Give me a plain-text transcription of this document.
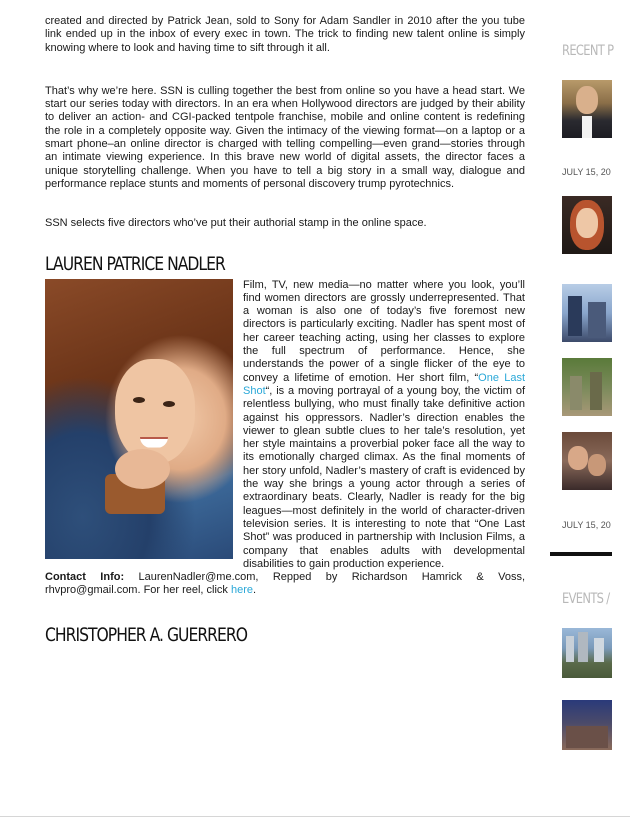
created and directed by Patrick Jean, sold to Sony for Adam Sandler in 2010 after the you tube link ended up in the inbox of every exec in town. The trick to finding new talent online is simply knowing where to look and having time to sift through it all.

That’s why we’re here. SSN is culling together the best from online so you have a head start. We start our series today with directors. In an era when Hollywood directors are judged by their ability to deliver an action- and CGI-packed tentpole franchise, mobile and online content is redefining the role in a completely opposite way. Given the intimacy of the viewing format—on a laptop or a smart phone–an online director is charged with telling compelling—even grand—stories through an intimate viewing experience. In this brave new world of digital assets, the director faces a unique storytelling challenge. When you have to tell a big story in a small way, dialogue and performance replace stunts and moments of personal discovery trump pyrotechnics.

SSN selects five directors who’ve put their authorial stamp in the online space.

LAUREN PATRICE NADLER

Film, TV, new media—no matter where you look, you’ll find women directors are grossly underrepresented. That a woman is also one of today’s five foremost new directors is particularly exciting. Nadler has spent most of her career teaching acting, using her classes to explore the full spectrum of performance. Hence, she understands the power of a single flicker of the eye to convey a lifetime of emotion. Her short film, “One Last Shot“, is a moving portrayal of a young boy, the victim of relentless bullying, who must finally take definitive action against his oppressors. Nadler’s direction enables the viewer to glean subtle clues to her tale’s resolution, yet her style maintains a proverbial poker face all the way to its emotionally charged climax. As the final moments of her story unfold, Nadler’s mastery of craft is evidenced by the way she brings a young actor through a series of extraordinary beats. Clearly, Nadler is ready for the big leagues—most definitely in the world of character-driven television series. It is interesting to note that “One Last Shot” was produced in partnership with Inclusion Films, a company that enables adults with developmental disabilities to gain production experience.
Contact Info: LaurenNadler@me.com, Repped by Richardson Hamrick & Voss, rhvpro@gmail.com. For her reel, click here.

CHRISTOPHER A. GUERRERO
RECENT P
JULY 15, 20
JULY 15, 20
EVENTS /
